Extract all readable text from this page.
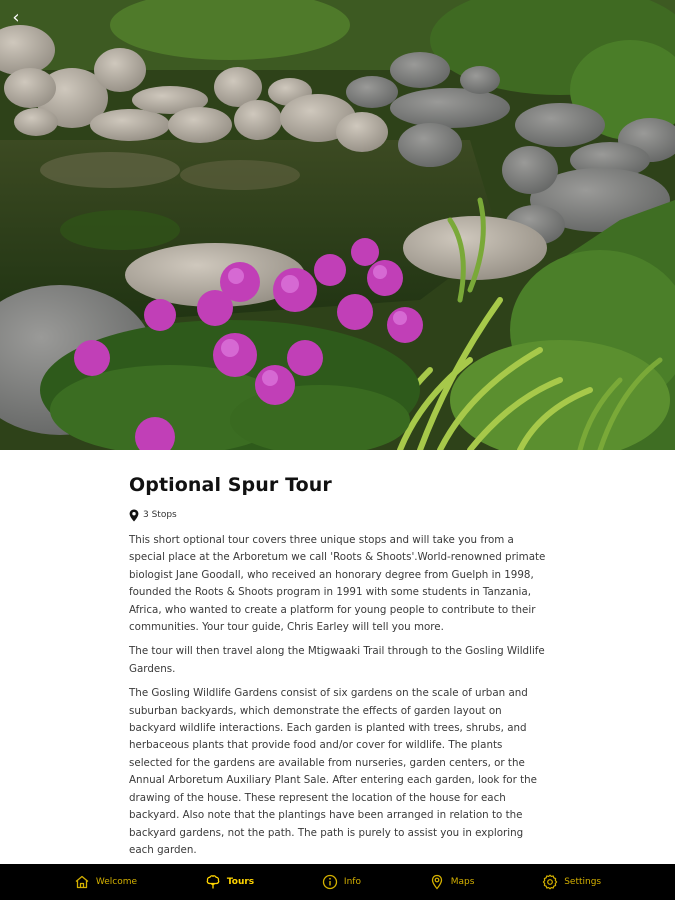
‹
Optional Spur Tour
3 Stops

This short optional tour covers three unique stops and will take you from a special place at the Arboretum we call 'Roots & Shoots'.World-renowned primate biologist Jane Goodall, who received an honorary degree from Guelph in 1998, founded the Roots & Shoots program in 1991 with some students in Tanzania, Africa, who wanted to create a platform for young people to contribute to their communities. Your tour guide, Chris Earley will tell you more.

The tour will then travel along the Mtigwaaki Trail through to the Gosling Wildlife Gardens.

The Gosling Wildlife Gardens consist of six gardens on the scale of urban and suburban backyards, which demonstrate the effects of garden layout on backyard wildlife interactions. Each garden is planted with trees, shrubs, and herbaceous plants that provide food and/or cover for wildlife. The plants selected for the gardens are available from nurseries, garden centers, or the Annual Arboretum Auxiliary Plant Sale. After entering each garden, look for the drawing of the house. These represent the location of the house for each backyard. Also note that the plantings have been arranged in relation to the backyard gardens, not the path. The path is purely to assist you in exploring each garden.

Welcome	Tours	Info	Maps	Settings
